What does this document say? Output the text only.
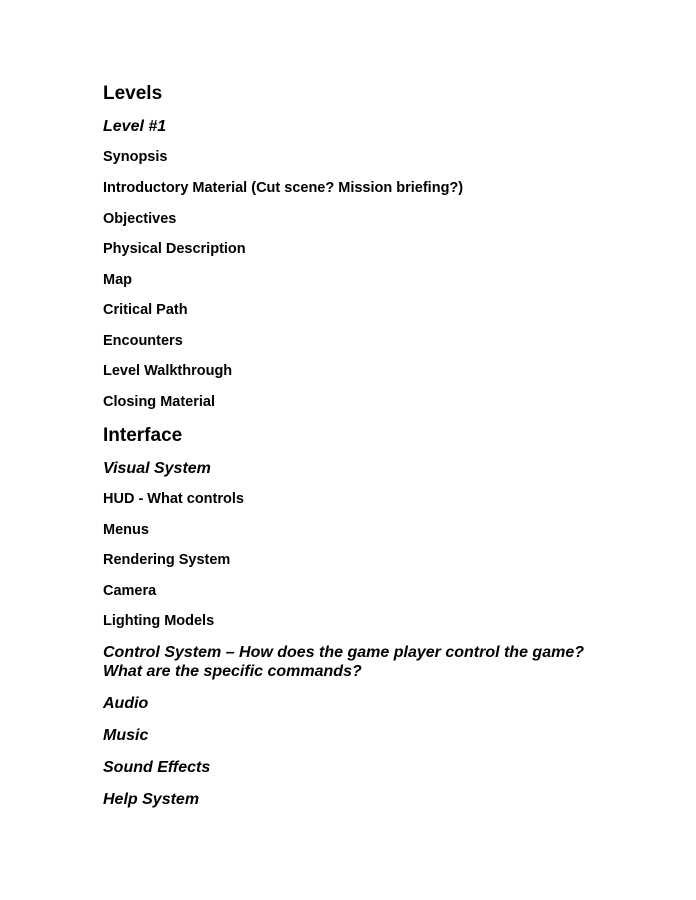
Levels
Level #1
Synopsis
Introductory Material (Cut scene? Mission briefing?)
Objectives
Physical Description
Map
Critical Path
Encounters
Level Walkthrough
Closing Material
Interface
Visual System
HUD - What controls
Menus
Rendering System
Camera
Lighting Models
Control System – How does the game player control the game? What are the specific commands?
Audio
Music
Sound Effects
Help System
